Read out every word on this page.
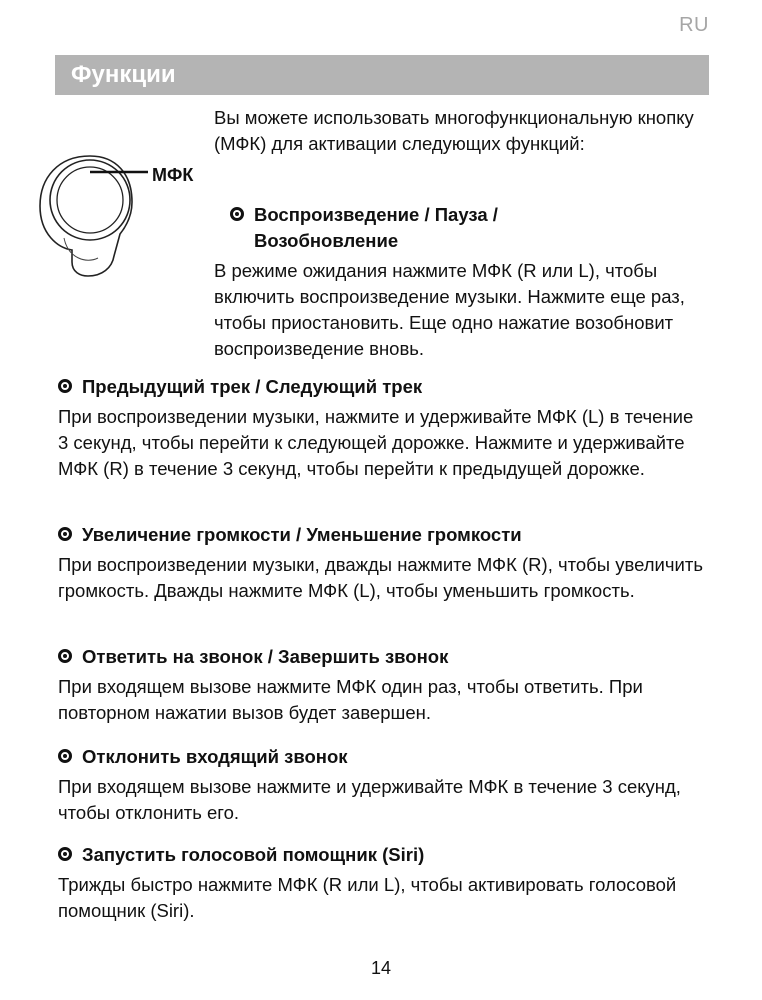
RU
Функции
МФК

Вы можете использовать многофункциональную кнопку (МФК) для активации следующих функций:

Воспроизведение / Пауза / Возобновление

В режиме ожидания нажмите МФК (R или L), чтобы включить воспроизведение музыки. Нажмите еще раз, чтобы приостановить. Еще одно нажатие возобновит воспроизведение вновь.

Предыдущий трек / Следующий трек

При воспроизведении музыки, нажмите и удерживайте МФК (L) в течение 3 секунд, чтобы перейти к следующей дорожке. Нажмите и удерживайте МФК (R) в течение 3 секунд, чтобы перейти к предыдущей дорожке.

Увеличение громкости / Уменьшение громкости

При воспроизведении музыки, дважды нажмите МФК (R), чтобы увеличить громкость. Дважды нажмите МФК (L), чтобы уменьшить громкость.

Ответить на звонок / Завершить звонок

При входящем вызове нажмите МФК один раз, чтобы ответить. При повторном нажатии вызов будет завершен.

Отклонить входящий звонок

При входящем вызове нажмите и удерживайте МФК в течение 3 секунд, чтобы отклонить его.

Запустить голосовой помощник (Siri)

Трижды быстро нажмите МФК (R или L), чтобы активировать голосовой помощник (Siri).

14
